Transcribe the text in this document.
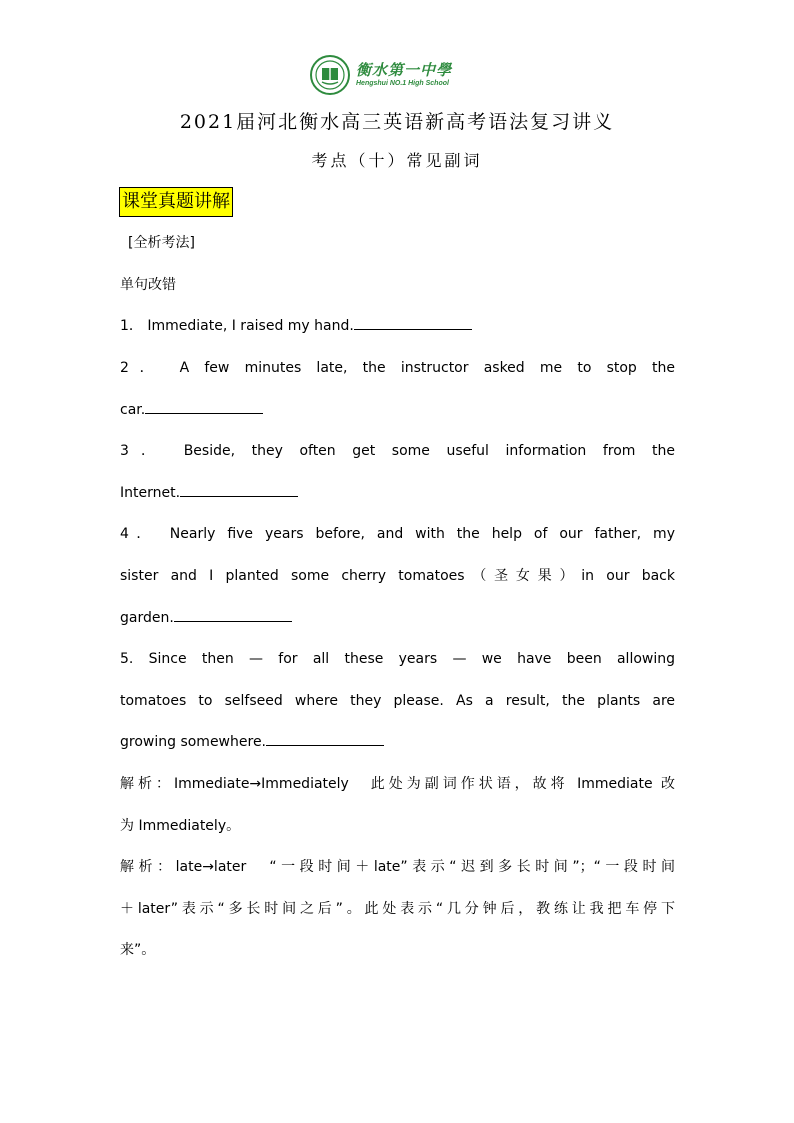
衡水第一中學
Hengshui NO.1 High School
2021届河北衡水高三英语新高考语法复习讲义
考点（十）常见副词
课堂真题讲解
[全析考法]
单句改错
1． Immediate, I raised my hand.
2． A few minutes late, the instructor asked me to stop the
car.
3． Beside, they often get some useful information from the
Internet.
4． Nearly five years before, and with the help of our father, my
sister and I planted some cherry tomatoes（圣女果）in our back
garden.
5. Since then — for all these years — we have been allowing
tomatoes to selfseed where they please. As a result, the plants are
growing somewhere.
解析：Immediate→Immediately　此处为副词作状语，故将 Immediate 改
为 Immediately。
解析：late→later　“一段时间＋late”表示“迟到多长时间”；“一段时间
＋later”表示“多长时间之后”。此处表示“几分钟后，教练让我把车停下
来”。
